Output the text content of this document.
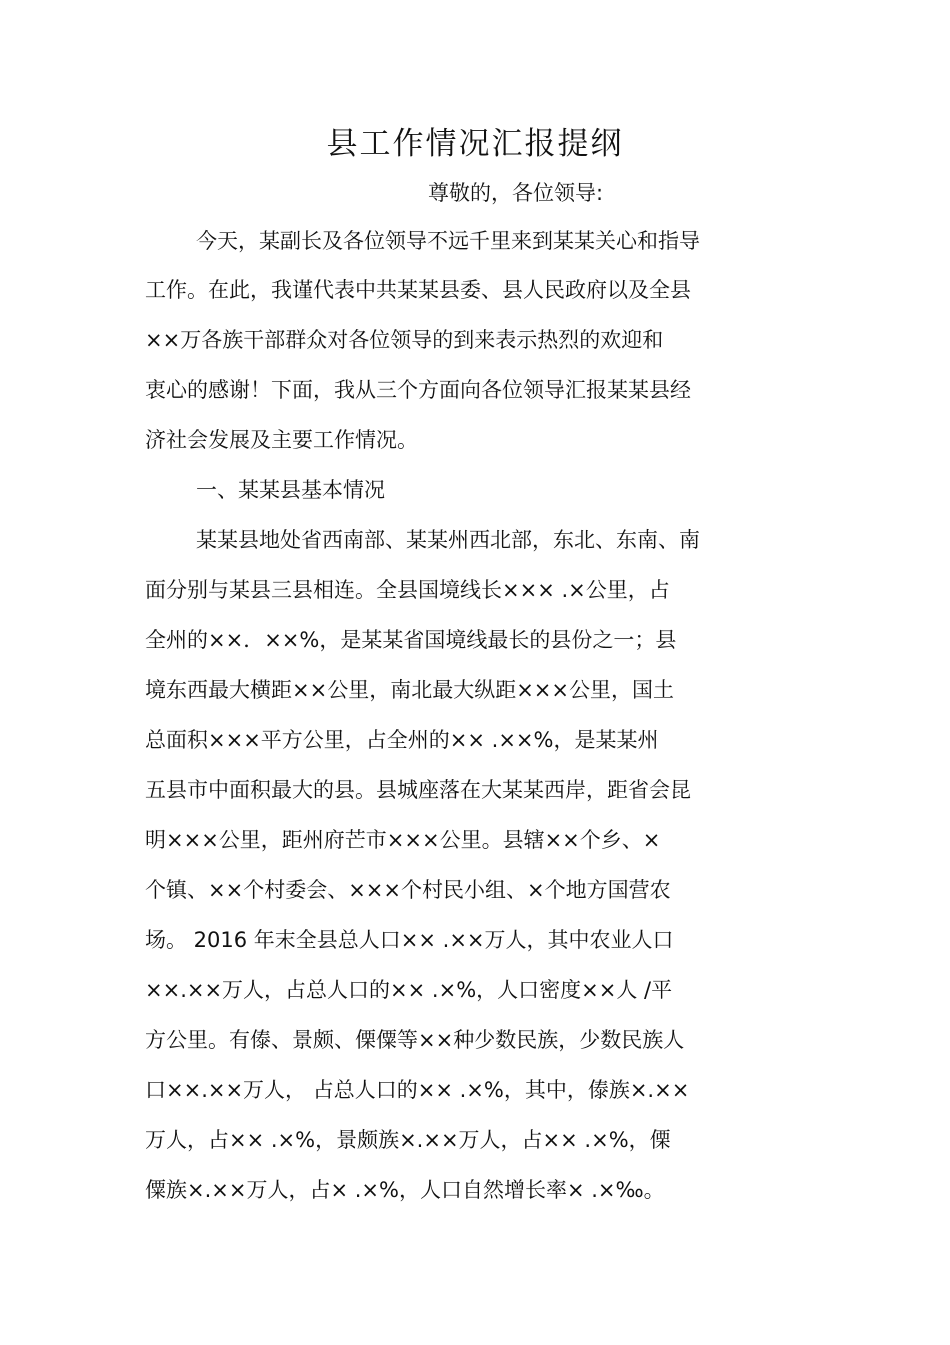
县工作情况汇报提纲
尊敬的，各位领导:
今天，某副长及各位领导不远千里来到某某关心和指导
工作。在此，我谨代表中共某某县委、县人民政府以及全县
××万各族干部群众对各位领导的到来表示热烈的欢迎和
衷心的感谢！下面，我从三个方面向各位领导汇报某某县经
济社会发展及主要工作情况。
一、某某县基本情况
某某县地处省西南部、某某州西北部，东北、东南、南
面分别与某县三县相连。全县国境线长××× .×公里，占
全州的××．××%，是某某省国境线最长的县份之一；县
境东西最大横距××公里，南北最大纵距×××公里，国土
总面积×××平方公里，占全州的×× .××%，是某某州
五县市中面积最大的县。县城座落在大某某西岸，距省会昆
明×××公里，距州府芒市×××公里。县辖××个乡、×
个镇、××个村委会、×××个村民小组、×个地方国营农
场。 2016 年末全县总人口×× .××万人，其中农业人口
××.××万人，占总人口的×× .×%，人口密度××人 /平
方公里。有傣、景颇、傈僳等××种少数民族，少数民族人
口××.××万人， 占总人口的×× .×%，其中，傣族×.××
万人，占×× .×%，景颇族×.××万人，占×× .×%，傈
僳族×.××万人，占× .×%，人口自然增长率× .×‰。
